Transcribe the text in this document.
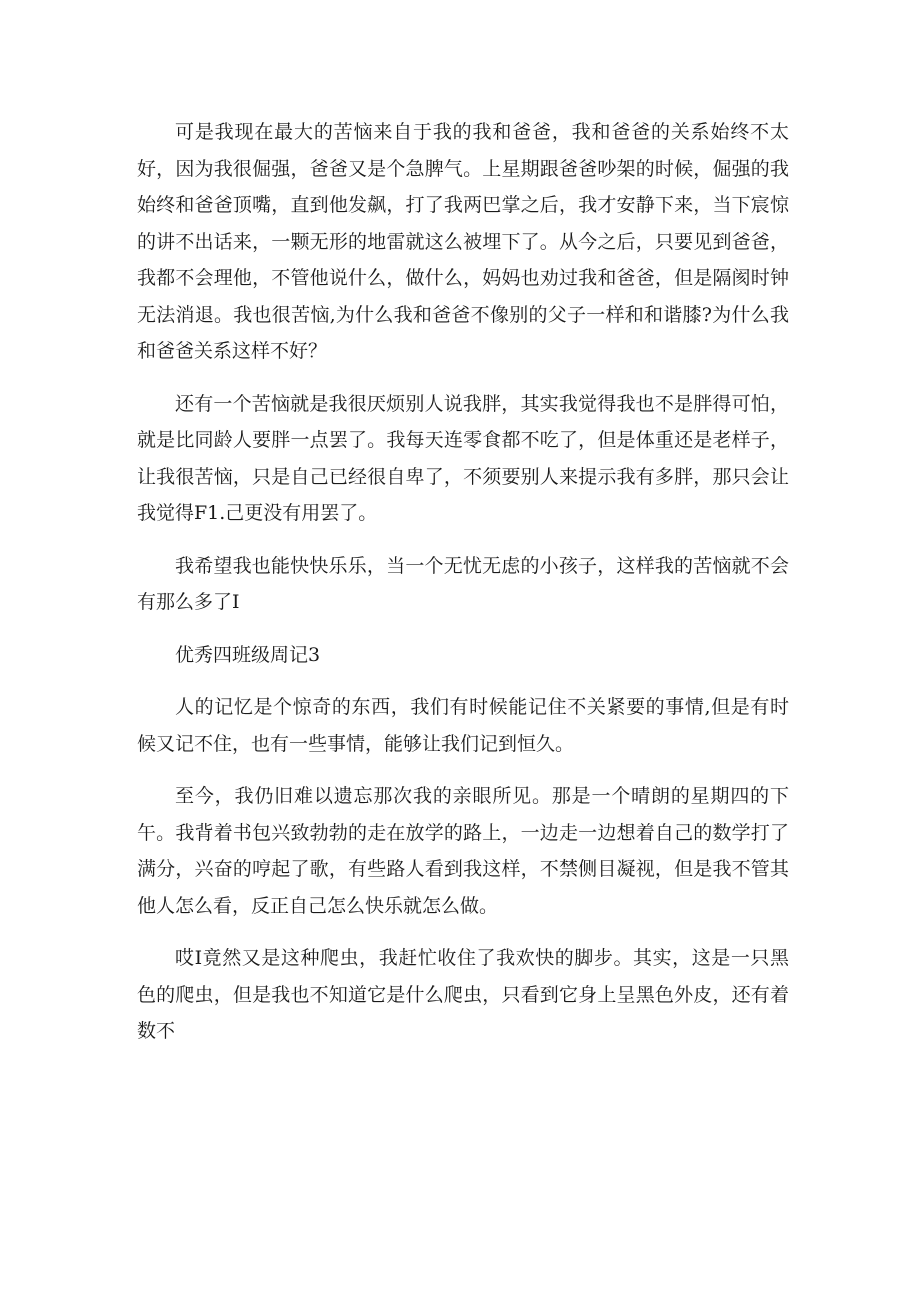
可是我现在最大的苦恼来自于我的我和爸爸，我和爸爸的关系始终不太好，因为我很倔强，爸爸又是个急脾气。上星期跟爸爸吵架的时候，倔强的我始终和爸爸顶嘴，直到他发飙，打了我两巴掌之后，我才安静下来，当下宸惊的讲不出话来，一颗无形的地雷就这么被埋下了。从今之后，只要见到爸爸，我都不会理他，不管他说什么，做什么，妈妈也劝过我和爸爸，但是隔阂时钟无法消退。我也很苦恼,为什么我和爸爸不像别的父子一样和和谐膝?为什么我和爸爸关系这样不好？

还有一个苦恼就是我很厌烦别人说我胖，其实我觉得我也不是胖得可怕，就是比同龄人要胖一点罢了。我每天连零食都不吃了，但是体重还是老样子，让我很苦恼，只是自己已经很自卑了，不须要别人来提示我有多胖，那只会让我觉得F1.己更没有用罢了。

我希望我也能快快乐乐，当一个无忧无虑的小孩子，这样我的苦恼就不会有那么多了I

优秀四班级周记3

人的记忆是个惊奇的东西，我们有时候能记住不关紧要的事情,但是有时候又记不住，也有一些事情，能够让我们记到恒久。

至今，我仍旧难以遗忘那次我的亲眼所见。那是一个晴朗的星期四的下午。我背着书包兴致勃勃的走在放学的路上，一边走一边想着自己的数学打了满分，兴奋的哼起了歌，有些路人看到我这样，不禁侧目凝视，但是我不管其他人怎么看，反正自己怎么快乐就怎么做。

哎I竟然又是这种爬虫，我赶忙收住了我欢快的脚步。其实，这是一只黑色的爬虫，但是我也不知道它是什么爬虫，只看到它身上呈黑色外皮，还有着数不
